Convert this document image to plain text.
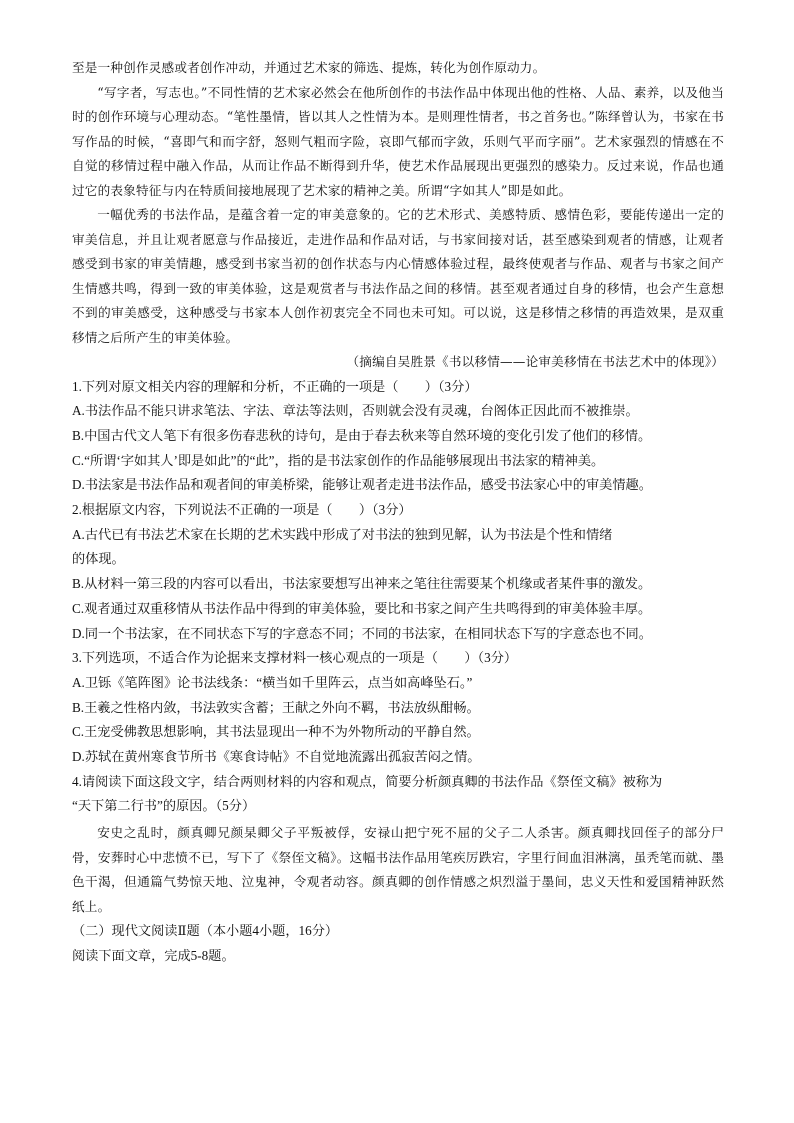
至是一种创作灵感或者创作冲动，并通过艺术家的筛选、提炼，转化为创作原动力。

“写字者，写志也。”不同性情的艺术家必然会在他所创作的书法作品中体现出他的性格、人品、素养，以及他当时的创作环境与心理动态。“笔性墨情，皆以其人之性情为本。是则理性情者，书之首务也。”陈绎曾认为，书家在书写作品的时候，“喜即气和而字舒，怒则气粗而字险，哀即气郁而字敛，乐则气平而字丽”。艺术家强烈的情感在不自觉的移情过程中融入作品，从而让作品不断得到升华，使艺术作品展现出更强烈的感染力。反过来说，作品也通过它的表象特征与内在特质间接地展现了艺术家的精神之美。所谓“字如其人”即是如此。

一幅优秀的书法作品，是蕴含着一定的审美意象的。它的艺术形式、美感特质、感情色彩，要能传递出一定的审美信息，并且让观者愿意与作品接近，走进作品和作品对话，与书家间接对话，甚至感染到观者的情感，让观者感受到书家的审美情趣，感受到书家当初的创作状态与内心情感体验过程，最终使观者与作品、观者与书家之间产生情感共鸣，得到一致的审美体验，这是观赏者与书法作品之间的移情。甚至观者通过自身的移情，也会产生意想不到的审美感受，这种感受与书家本人创作初衷完全不同也未可知。可以说，这是移情之移情的再造效果，是双重移情之后所产生的审美体验。

（摘编自吴胜景《书以移情——论审美移情在书法艺术中的体现》）

1.下列对原文相关内容的理解和分析，不正确的一项是（　　）（3分）

A.书法作品不能只讲求笔法、字法、章法等法则，否则就会没有灵魂，台阁体正因此而不被推崇。

B.中国古代文人笔下有很多伤春悲秋的诗句，是由于春去秋来等自然环境的变化引发了他们的移情。

C.“所谓‘字如其人’即是如此”的“此”，指的是书法家创作的作品能够展现出书法家的精神美。

D.书法家是书法作品和观者间的审美桥梁，能够让观者走进书法作品，感受书法家心中的审美情趣。

2.根据原文内容，下列说法不正确的一项是（　　）（3分）

A.古代已有书法艺术家在长期的艺术实践中形成了对书法的独到见解，认为书法是个性和情绪

的体现。

B.从材料一第三段的内容可以看出，书法家要想写出神来之笔往往需要某个机缘或者某件事的激发。

C.观者通过双重移情从书法作品中得到的审美体验，要比和书家之间产生共鸣得到的审美体验丰厚。

D.同一个书法家，在不同状态下写的字意态不同；不同的书法家，在相同状态下写的字意态也不同。

3.下列选项，不适合作为论据来支撑材料一核心观点的一项是（　　）（3分）

A.卫铄《笔阵图》论书法线条：“横当如千里阵云，点当如高峰坠石。”

B.王羲之性格内敛，书法敦实含蓄；王献之外向不羁，书法放纵酣畅。

C.王宠受佛教思想影响，其书法显现出一种不为外物所动的平静自然。

D.苏轼在黄州寒食节所书《寒食诗帖》不自觉地流露出孤寂苦闷之情。

4.请阅读下面这段文字，结合两则材料的内容和观点，简要分析颜真卿的书法作品《祭侄文稿》被称为

“天下第二行书”的原因。（5分）

安史之乱时，颜真卿兄颜杲卿父子平叛被俘，安禄山把宁死不屈的父子二人杀害。颜真卿找回侄子的部分尸骨，安葬时心中悲愤不已，写下了《祭侄文稿》。这幅书法作品用笔疾厉跌宕，字里行间血泪淋漓，虽秃笔而就、墨色干渴，但通篇气势惊天地、泣鬼神，令观者动容。颜真卿的创作情感之炽烈溢于墨间，忠义天性和爱国精神跃然纸上。

（二）现代文阅读Ⅱ题（本小题4小题，16分）

阅读下面文章，完成5-8题。
